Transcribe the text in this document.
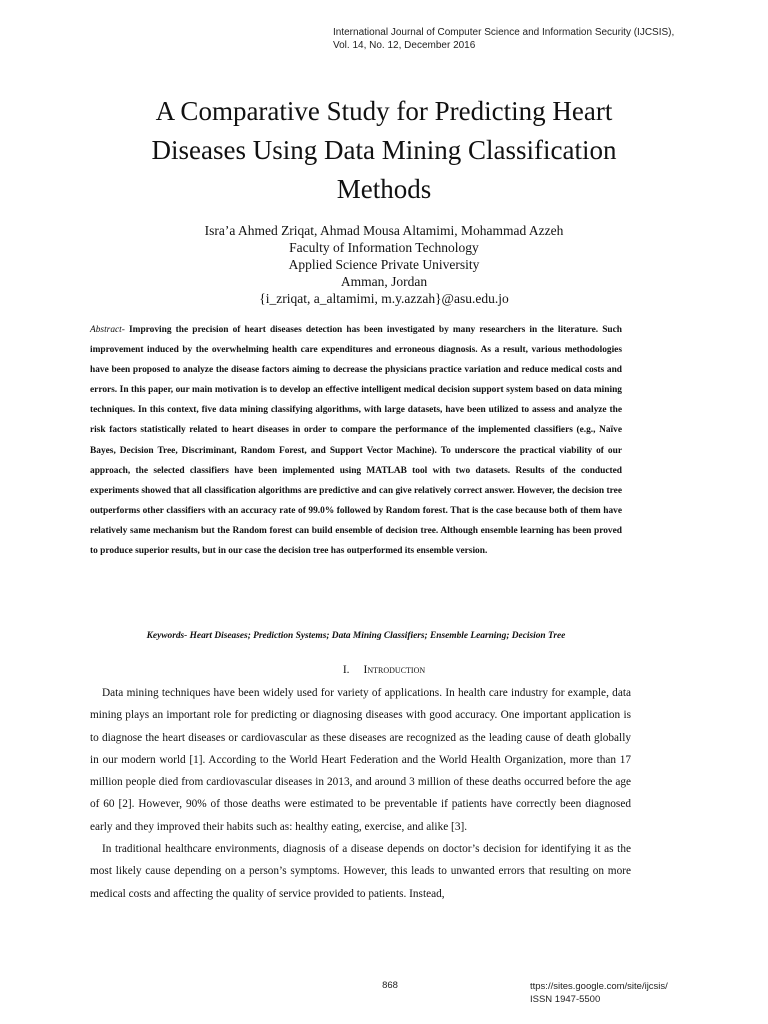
International Journal of Computer Science and Information Security (IJCSIS),
Vol. 14, No. 12, December 2016
A Comparative Study for Predicting Heart
Diseases Using Data Mining Classification
Methods
Isra’a Ahmed Zriqat, Ahmad Mousa Altamimi, Mohammad Azzeh
Faculty of Information Technology
Applied Science Private University
Amman, Jordan
{i_zriqat, a_altamimi, m.y.azzah}@asu.edu.jo
Abstract- Improving the precision of heart diseases detection has been investigated by many researchers in the literature. Such improvement induced by the overwhelming health care expenditures and erroneous diagnosis. As a result, various methodologies have been proposed to analyze the disease factors aiming to decrease the physicians practice variation and reduce medical costs and errors. In this paper, our main motivation is to develop an effective intelligent medical decision support system based on data mining techniques. In this context, five data mining classifying algorithms, with large datasets, have been utilized to assess and analyze the risk factors statistically related to heart diseases in order to compare the performance of the implemented classifiers (e.g., Naïve Bayes, Decision Tree, Discriminant, Random Forest, and Support Vector Machine). To underscore the practical viability of our approach, the selected classifiers have been implemented using MATLAB tool with two datasets. Results of the conducted experiments showed that all classification algorithms are predictive and can give relatively correct answer. However, the decision tree outperforms other classifiers with an accuracy rate of 99.0% followed by Random forest. That is the case because both of them have relatively same mechanism but the Random forest can build ensemble of decision tree. Although ensemble learning has been proved to produce superior results, but in our case the decision tree has outperformed its ensemble version.
Keywords- Heart Diseases; Prediction Systems; Data Mining Classifiers; Ensemble Learning; Decision Tree
I. Introduction

Data mining techniques have been widely used for variety of applications. In health care industry for example, data mining plays an important role for predicting or diagnosing diseases with good accuracy. One important application is to diagnose the heart diseases or cardiovascular as these diseases are recognized as the leading cause of death globally in our modern world [1]. According to the World Heart Federation and the World Health Organization, more than 17 million people died from cardiovascular diseases in 2013, and around 3 million of these deaths occurred before the age of 60 [2]. However, 90% of those deaths were estimated to be preventable if patients have correctly been diagnosed early and they improved their habits such as: healthy eating, exercise, and alike [3].

In traditional healthcare environments, diagnosis of a disease depends on doctor’s decision for identifying it as the most likely cause depending on a person’s symptoms. However, this leads to unwanted errors that resulting on more medical costs and affecting the quality of service provided to patients. Instead,

868	ttps://sites.google.com/site/ijcsis/
ISSN 1947-5500
